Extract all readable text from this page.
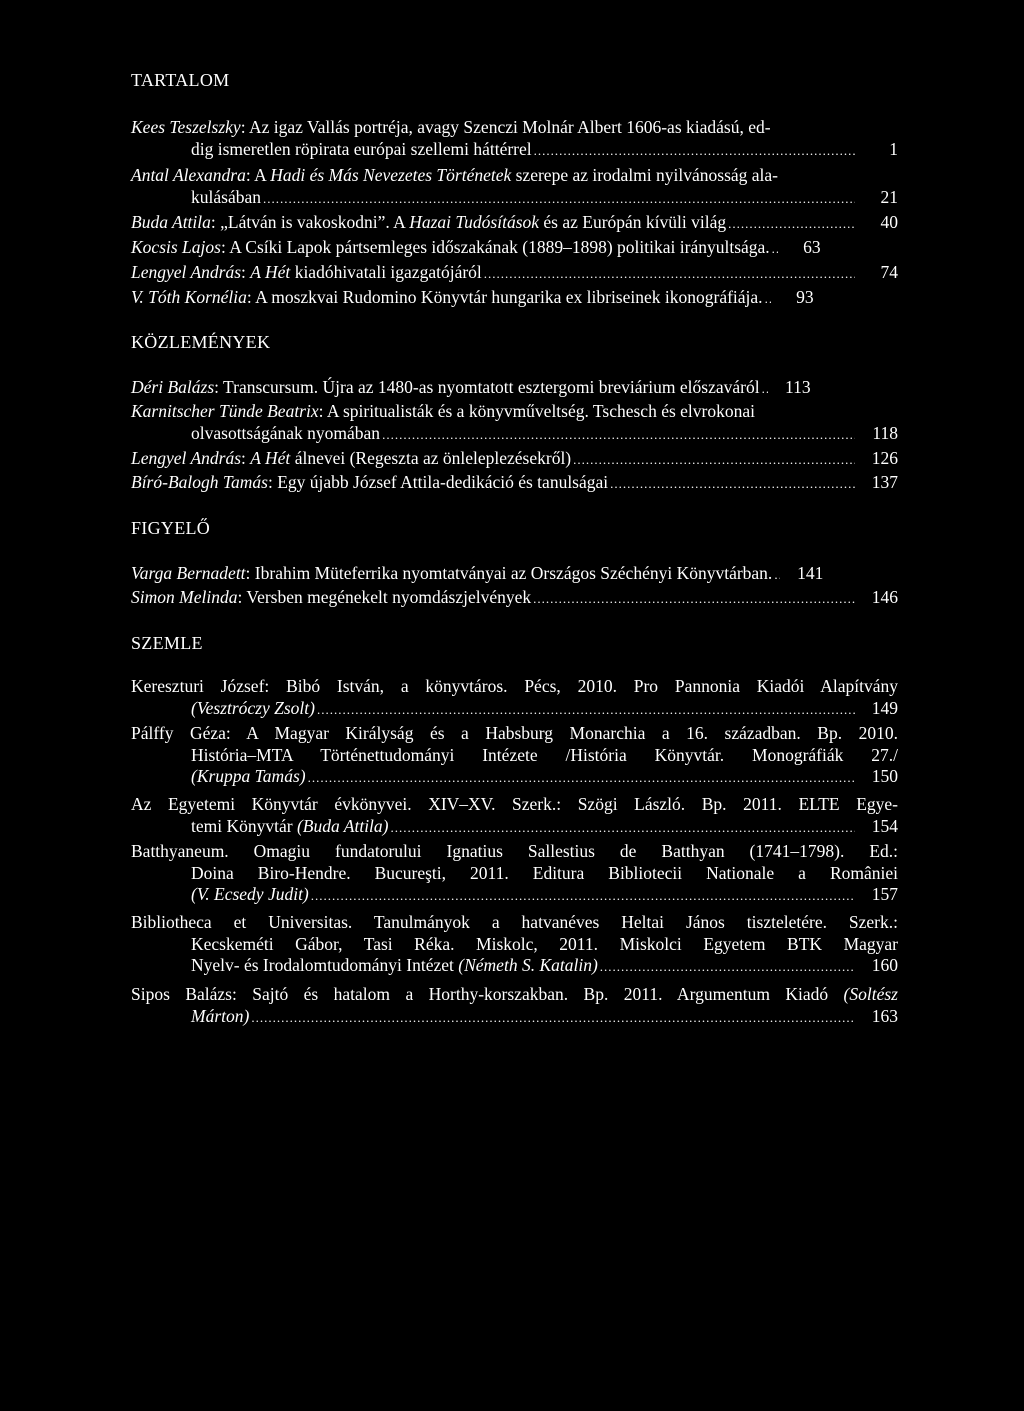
TARTALOM
Kees Teszelszky: Az igaz Vallás portréja, avagy Szenczi Molnár Albert 1606-as kiadású, ed-
dig ismeretlen röpirata európai szellemi háttérrel .....	1
Antal Alexandra: A Hadi és Más Nevezetes Történetek szerepe az irodalmi nyilvánosság ala-
kulásában .....	21
Buda Attila: „Látván is vakoskodni”. A Hazai Tudósítások és az Európán kívüli világ .....	40
Kocsis Lajos: A Csíki Lapok pártsemleges időszakának (1889–1898) politikai irányultsága. .....	63
Lengyel András: A Hét kiadóhivatali igazgatójáról .....	74
V. Tóth Kornélia: A moszkvai Rudomino Könyvtár hungarika ex libriseinek ikonográfiája. .....	93
KÖZLEMÉNYEK
Déri Balázs: Transcursum. Újra az 1480-as nyomtatott esztergomi breviárium előszaváról .....	113
Karnitscher Tünde Beatrix: A spiritualisták és a könyvműveltség. Tschesch és elvrokonai
olvasottságának nyomában .....	118
Lengyel András: A Hét álnevei (Regeszta az önleleplezésekről) .....	126
Bíró-Balogh Tamás: Egy újabb József Attila-dedikáció és tanulságai .....	137
FIGYELŐ
Varga Bernadett: Ibrahim Müteferrika nyomtatványai az Országos Széchényi Könyvtárban. .....	141
Simon Melinda: Versben megénekelt nyomdászjelvények .....	146
SZEMLE
Kereszturi József: Bibó István, a könyvtáros. Pécs, 2010. Pro Pannonia Kiadói Alapítvány
(Vesztróczy Zsolt) .....	149
Pálffy Géza: A Magyar Királyság és a Habsburg Monarchia a 16. században. Bp. 2010.
História–MTA Történettudományi Intézete /História Könyvtár. Monográfiák 27./
(Kruppa Tamás) .....	150
Az Egyetemi Könyvtár évkönyvei. XIV–XV. Szerk.: Szögi László. Bp. 2011. ELTE Egye-
temi Könyvtár (Buda Attila) .....	154
Batthyaneum. Omagiu fundatorului Ignatius Sallestius de Batthyan (1741–1798). Ed.:
Doina Biro-Hendre. Bucureşti, 2011. Editura Bibliotecii Nationale a României
(V. Ecsedy Judit) .....	157
Bibliotheca et Universitas. Tanulmányok a hatvanéves Heltai János tiszteletére. Szerk.:
Kecskeméti Gábor, Tasi Réka. Miskolc, 2011. Miskolci Egyetem BTK Magyar
Nyelv- és Irodalomtudományi Intézet (Németh S. Katalin) .....	160
Sipos Balázs: Sajtó és hatalom a Horthy-korszakban. Bp. 2011. Argumentum Kiadó (Soltész
Márton) .....	163
